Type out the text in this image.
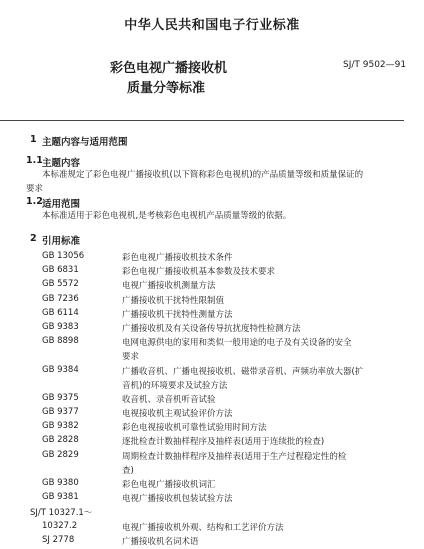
中华人民共和国电子行业标准
彩色电视广播接收机
质量分等标准
SJ/T 9502—91
1 主题内容与适用范围
1.1 主题内容
本标准规定了彩色电视广播接收机(以下简称彩色电视机)的产品质量等级和质量保证的
要求
1.2 适用范围
本标准适用于彩色电视机,是考核彩色电视机产品质量等级的依据。
2 引用标准
GB 13056	彩色电视广播接收机技术条件
GB 6831	彩色电视广播接收机基本参数及技术要求
GB 5572	电视广播接收机测量方法
GB 7236	广播接收机干扰特性限制值
GB 6114	广播接收机干扰特性测量方法
GB 9383	广播接收机及有关设备传导抗扰度特性检测方法
GB 8898	电网电源供电的家用和类似一般用途的电子及有关设备的安全
要求
GB 9384	广播收音机、广播电视接收机、磁带录音机、声频功率放大器(扩
音机)的环境要求及试验方法
GB 9375	收音机、录音机听音试验
GB 9377	电视接收机主观试验评价方法
GB 9382	彩色电视接收机可靠性试验用时间方法
GB 2828	逐批检查计数抽样程序及抽样表(适用于连续批的检查)
GB 2829	周期检查计数抽样程序及抽样表(适用于生产过程稳定性的检
查)
GB 9380	彩色电视广播接收机词汇
GB 9381	电视广播接收机包装试验方法
SJ/T 10327.1～
10327.2	电视广播接收机外观、结构和工艺评价方法
SJ 2778	广播接收机名词术语
